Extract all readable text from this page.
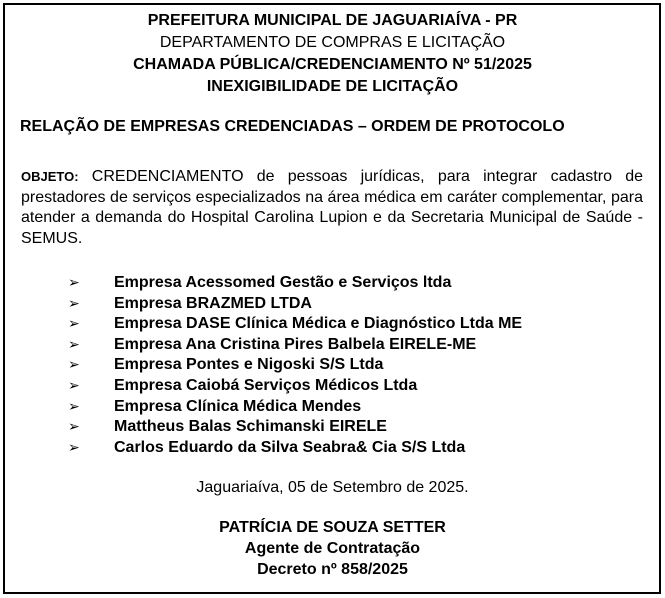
PREFEITURA MUNICIPAL DE JAGUARIAÍVA - PR
DEPARTAMENTO DE COMPRAS E LICITAÇÃO
CHAMADA PÚBLICA/CREDENCIAMENTO Nº 51/2025
INEXIGIBILIDADE DE LICITAÇÃO
RELAÇÃO DE EMPRESAS CREDENCIADAS – ORDEM DE PROTOCOLO
OBJETO: CREDENCIAMENTO de pessoas jurídicas, para integrar cadastro de prestadores de serviços especializados na área médica em caráter complementar, para atender a demanda do Hospital Carolina Lupion e da Secretaria Municipal de Saúde - SEMUS.
➢ Empresa Acessomed Gestão e Serviços ltda
➢ Empresa BRAZMED LTDA
➢ Empresa DASE Clínica Médica e Diagnóstico Ltda ME
➢ Empresa Ana Cristina Pires Balbela EIRELE-ME
➢ Empresa Pontes e Nigoski S/S Ltda
➢ Empresa Caiobá Serviços Médicos Ltda
➢ Empresa Clínica Médica Mendes
➢ Mattheus Balas Schimanski EIRELE
➢ Carlos Eduardo da Silva Seabra& Cia S/S Ltda
Jaguariaíva, 05 de Setembro de 2025.
PATRÍCIA DE SOUZA SETTER
Agente de Contratação
Decreto nº 858/2025
